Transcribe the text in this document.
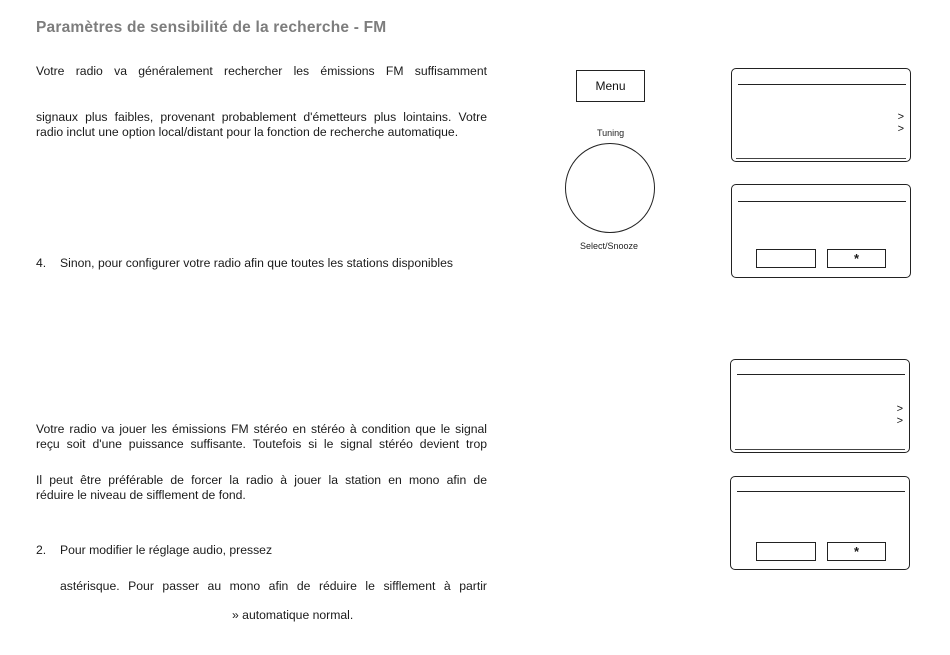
Paramètres de sensibilité de la recherche - FM
Votre radio va généralement rechercher les émissions FM suffisamment
signaux plus faibles, provenant probablement d'émetteurs plus lointains. Votre
radio inclut une option local/distant pour la fonction de recherche automatique.
4. Sinon, pour configurer votre radio afin que toutes les stations disponibles
Votre radio va jouer les émissions FM stéréo en stéréo à condition que le signal
reçu soit d'une puissance suffisante. Toutefois si le signal stéréo devient trop
Il peut être préférable de forcer la radio à jouer la station en mono afin de
réduire le niveau de sifflement de fond.
2. Pour modifier le réglage audio, pressez
astérisque. Pour passer au mono afin de réduire le sifflement à partir
» automatique normal.
Menu
Tuning
Select/Snooze
>
>
*
>
>
*
